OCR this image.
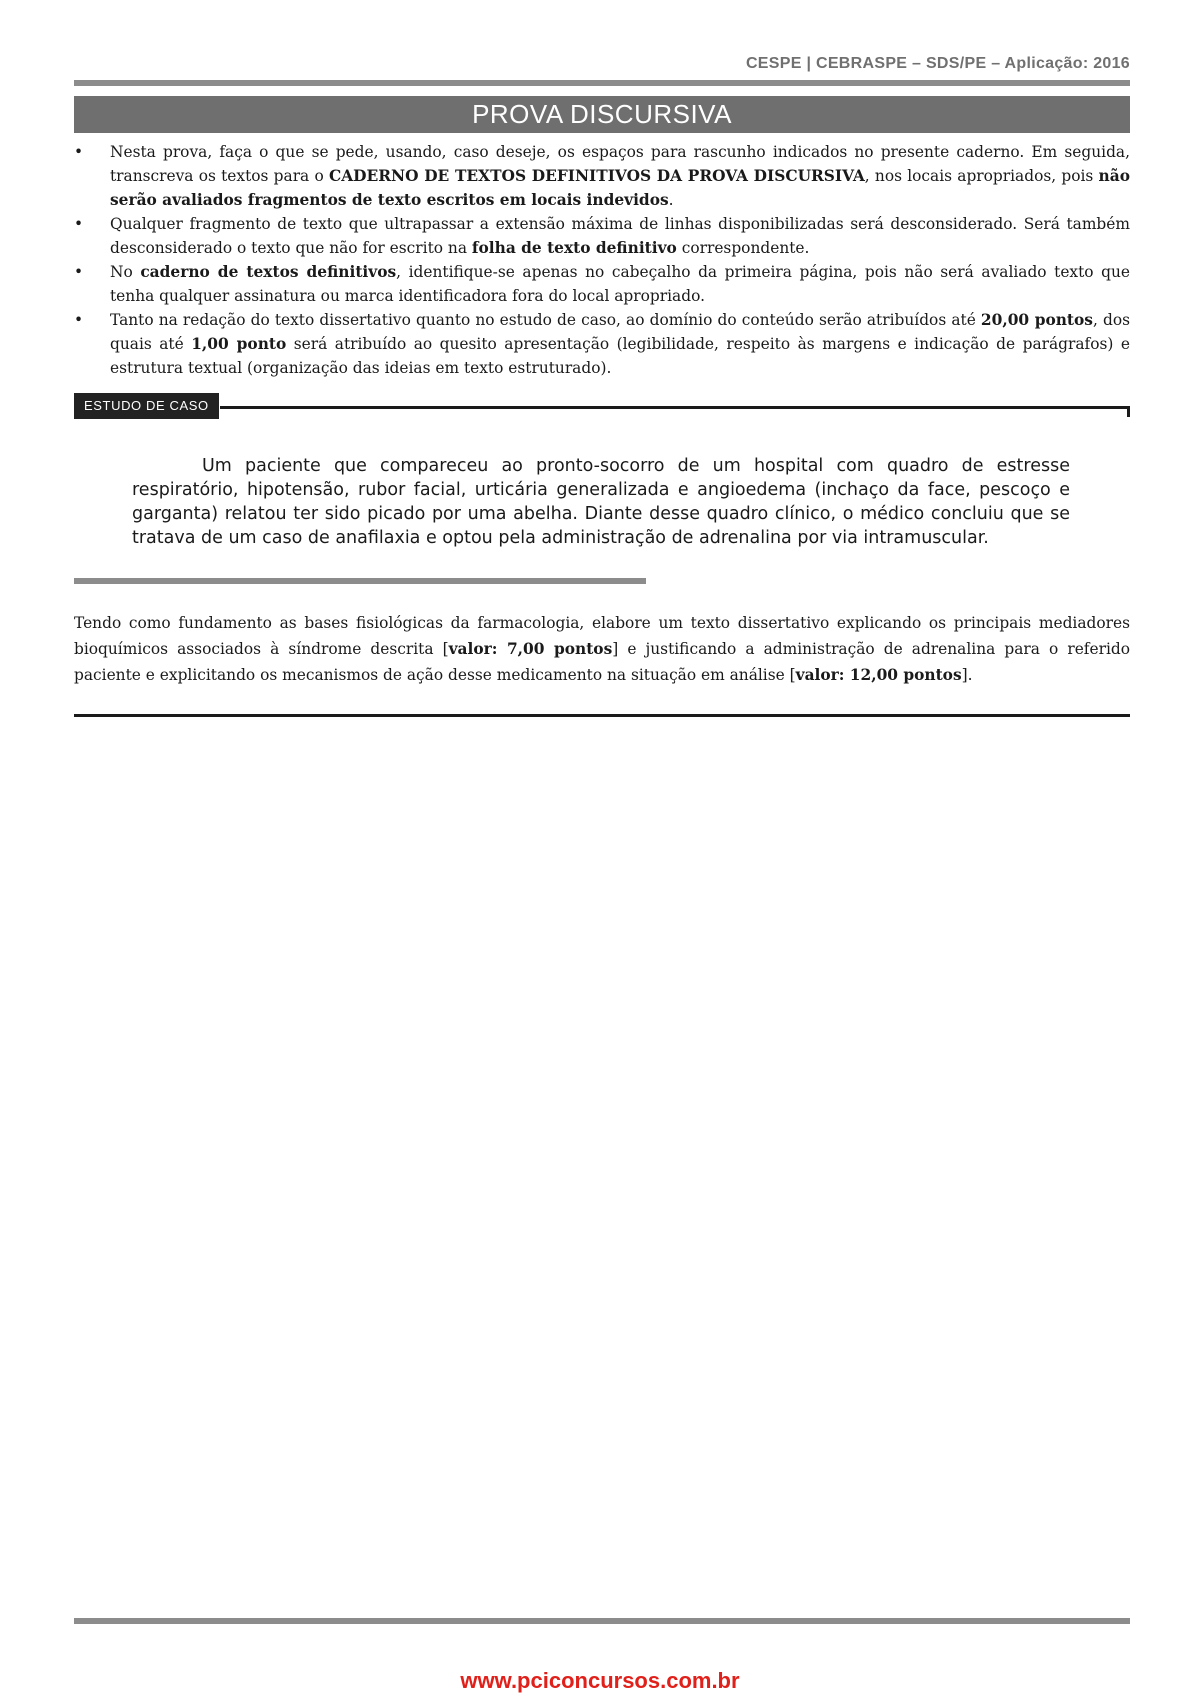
CESPE | CEBRASPE – SDS/PE – Aplicação: 2016
PROVA DISCURSIVA
• Nesta prova, faça o que se pede, usando, caso deseje, os espaços para rascunho indicados no presente caderno. Em seguida, transcreva os textos para o CADERNO DE TEXTOS DEFINITIVOS DA PROVA DISCURSIVA, nos locais apropriados, pois não serão avaliados fragmentos de texto escritos em locais indevidos.
• Qualquer fragmento de texto que ultrapassar a extensão máxima de linhas disponibilizadas será desconsiderado. Será também desconsiderado o texto que não for escrito na folha de texto definitivo correspondente.
• No caderno de textos definitivos, identifique-se apenas no cabeçalho da primeira página, pois não será avaliado texto que tenha qualquer assinatura ou marca identificadora fora do local apropriado.
• Tanto na redação do texto dissertativo quanto no estudo de caso, ao domínio do conteúdo serão atribuídos até 20,00 pontos, dos quais até 1,00 ponto será atribuído ao quesito apresentação (legibilidade, respeito às margens e indicação de parágrafos) e estrutura textual (organização das ideias em texto estruturado).
ESTUDO DE CASO

Um paciente que compareceu ao pronto-socorro de um hospital com quadro de estresse respiratório, hipotensão, rubor facial, urticária generalizada e angioedema (inchaço da face, pescoço e garganta) relatou ter sido picado por uma abelha. Diante desse quadro clínico, o médico concluiu que se tratava de um caso de anafilaxia e optou pela administração de adrenalina por via intramuscular.

Tendo como fundamento as bases fisiológicas da farmacologia, elabore um texto dissertativo explicando os principais mediadores bioquímicos associados à síndrome descrita [valor: 7,00 pontos] e justificando a administração de adrenalina para o referido paciente e explicitando os mecanismos de ação desse medicamento na situação em análise [valor: 12,00 pontos].

www.pciconcursos.com.br
